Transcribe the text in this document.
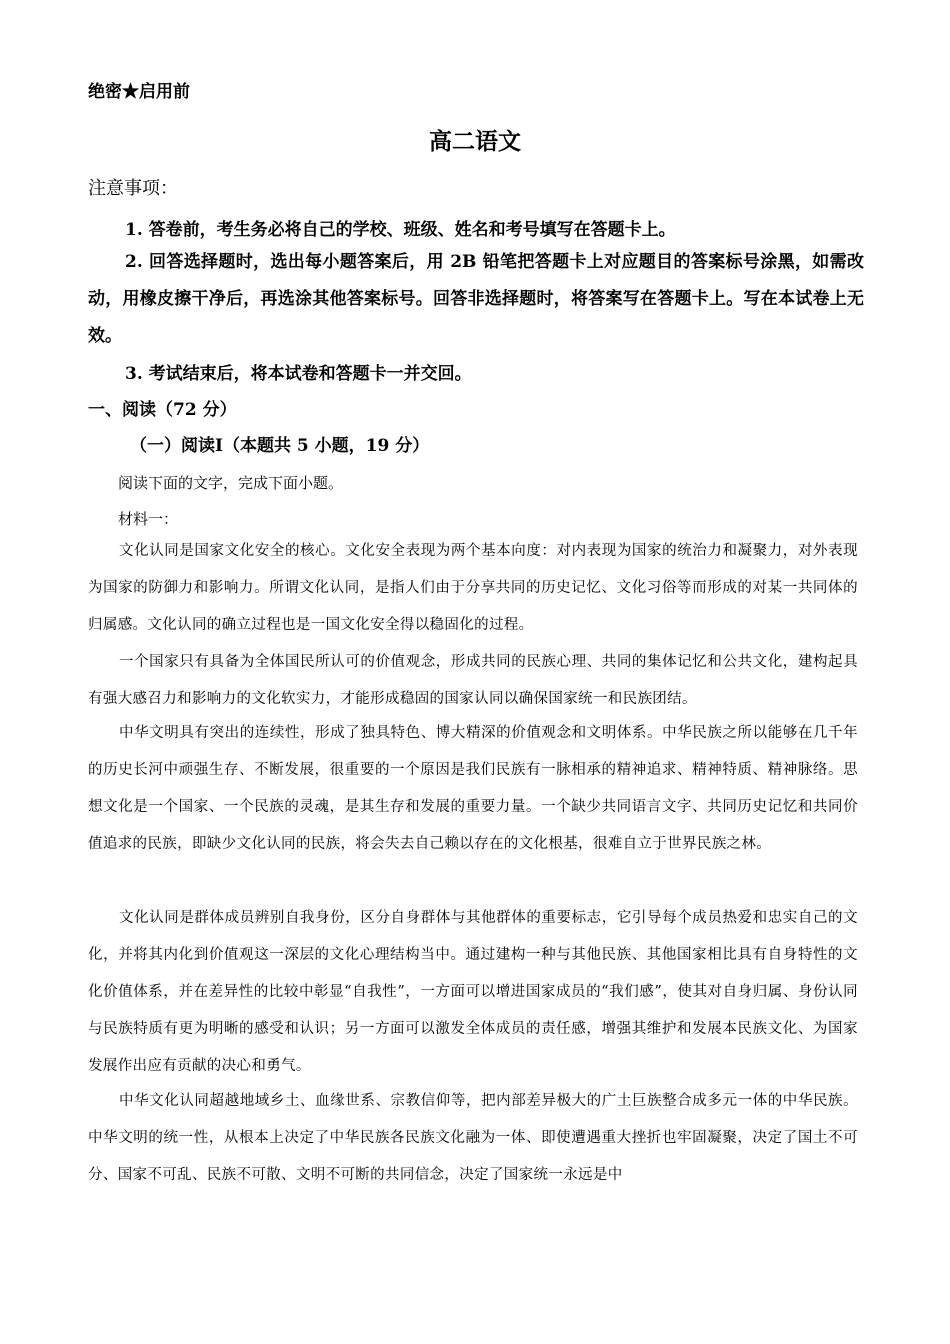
绝密★启用前
高二语文
注意事项：
1. 答卷前，考生务必将自己的学校、班级、姓名和考号填写在答题卡上。
2. 回答选择题时，选出每小题答案后，用 2B 铅笔把答题卡上对应题目的答案标号涂黑，如需改动，用橡皮擦干净后，再选涂其他答案标号。回答非选择题时，将答案写在答题卡上。写在本试卷上无效。
3. 考试结束后，将本试卷和答题卡一并交回。
一、阅读（72 分）
（一）阅读Ⅰ（本题共 5 小题，19 分）
阅读下面的文字，完成下面小题。
材料一：
文化认同是国家文化安全的核心。文化安全表现为两个基本向度：对内表现为国家的统治力和凝聚力，对外表现为国家的防御力和影响力。所谓文化认同，是指人们由于分享共同的历史记忆、文化习俗等而形成的对某一共同体的归属感。文化认同的确立过程也是一国文化安全得以稳固化的过程。
一个国家只有具备为全体国民所认可的价值观念，形成共同的民族心理、共同的集体记忆和公共文化，建构起具有强大感召力和影响力的文化软实力，才能形成稳固的国家认同以确保国家统一和民族团结。
中华文明具有突出的连续性，形成了独具特色、博大精深的价值观念和文明体系。中华民族之所以能够在几千年的历史长河中顽强生存、不断发展，很重要的一个原因是我们民族有一脉相承的精神追求、精神特质、精神脉络。思想文化是一个国家、一个民族的灵魂，是其生存和发展的重要力量。一个缺少共同语言文字、共同历史记忆和共同价值追求的民族，即缺少文化认同的民族，将会失去自己赖以存在的文化根基，很难自立于世界民族之林。
文化认同是群体成员辨别自我身份，区分自身群体与其他群体的重要标志，它引导每个成员热爱和忠实自己的文化，并将其内化到价值观这一深层的文化心理结构当中。通过建构一种与其他民族、其他国家相比具有自身特性的文化价值体系，并在差异性的比较中彰显“自我性”，一方面可以增进国家成员的“我们感”，使其对自身归属、身份认同与民族特质有更为明晰的感受和认识；另一方面可以激发全体成员的责任感，增强其维护和发展本民族文化、为国家发展作出应有贡献的决心和勇气。
中华文化认同超越地域乡土、血缘世系、宗教信仰等，把内部差异极大的广土巨族整合成多元一体的中华民族。中华文明的统一性，从根本上决定了中华民族各民族文化融为一体、即使遭遇重大挫折也牢固凝聚，决定了国土不可分、国家不可乱、民族不可散、文明不可断的共同信念，决定了国家统一永远是中
